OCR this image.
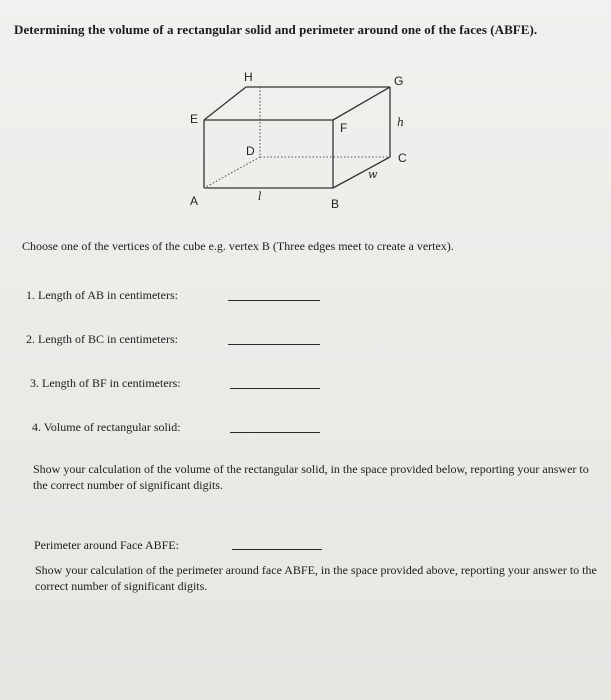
Determining the volume of a rectangular solid and perimeter around one of the faces (ABFE).
H	G
E
F
D	C
A	B
h
w
l
Choose one of the vertices of the cube e.g. vertex B (Three edges meet to create a vertex).
1. Length of AB in centimeters:
2. Length of BC in centimeters:
3. Length of BF in centimeters:
4. Volume of rectangular solid:
Show your calculation of the volume of the rectangular solid, in the space provided below, reporting your answer to the correct number of significant digits.
Perimeter around Face ABFE:
Show your calculation of the perimeter around face ABFE, in the space provided above, reporting your answer to the correct number of significant digits.
